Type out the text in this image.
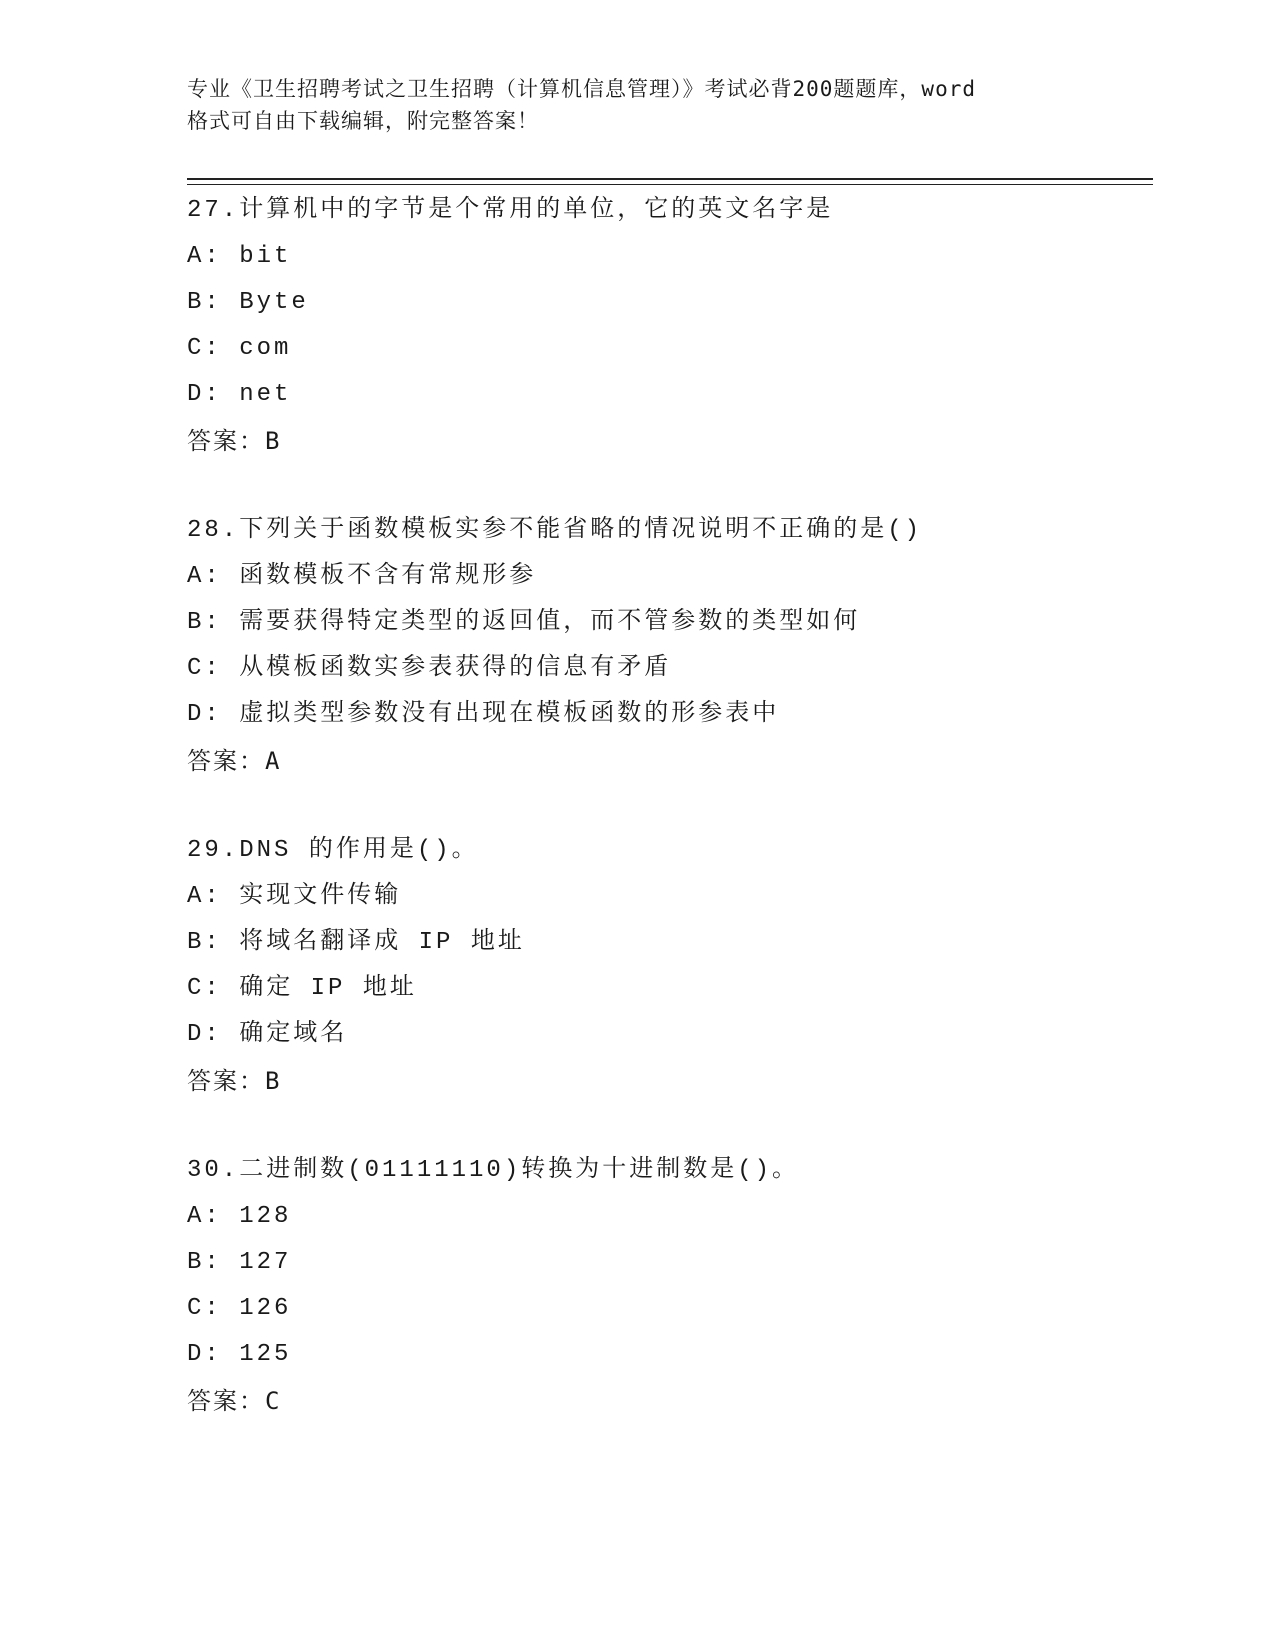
专业《卫生招聘考试之卫生招聘（计算机信息管理）》考试必背200题题库，word
格式可自由下载编辑，附完整答案！
27.计算机中的字节是个常用的单位，它的英文名字是
A: bit
B: Byte
C: com
D: net
答案：B
28.下列关于函数模板实参不能省略的情况说明不正确的是()
A: 函数模板不含有常规形参
B: 需要获得特定类型的返回值，而不管参数的类型如何
C: 从模板函数实参表获得的信息有矛盾
D: 虚拟类型参数没有出现在模板函数的形参表中
答案：A
29.DNS 的作用是()。
A: 实现文件传输
B: 将域名翻译成 IP 地址
C: 确定 IP 地址
D: 确定域名
答案：B
30.二进制数(01111110)转换为十进制数是()。
A: 128
B: 127
C: 126
D: 125
答案：C
